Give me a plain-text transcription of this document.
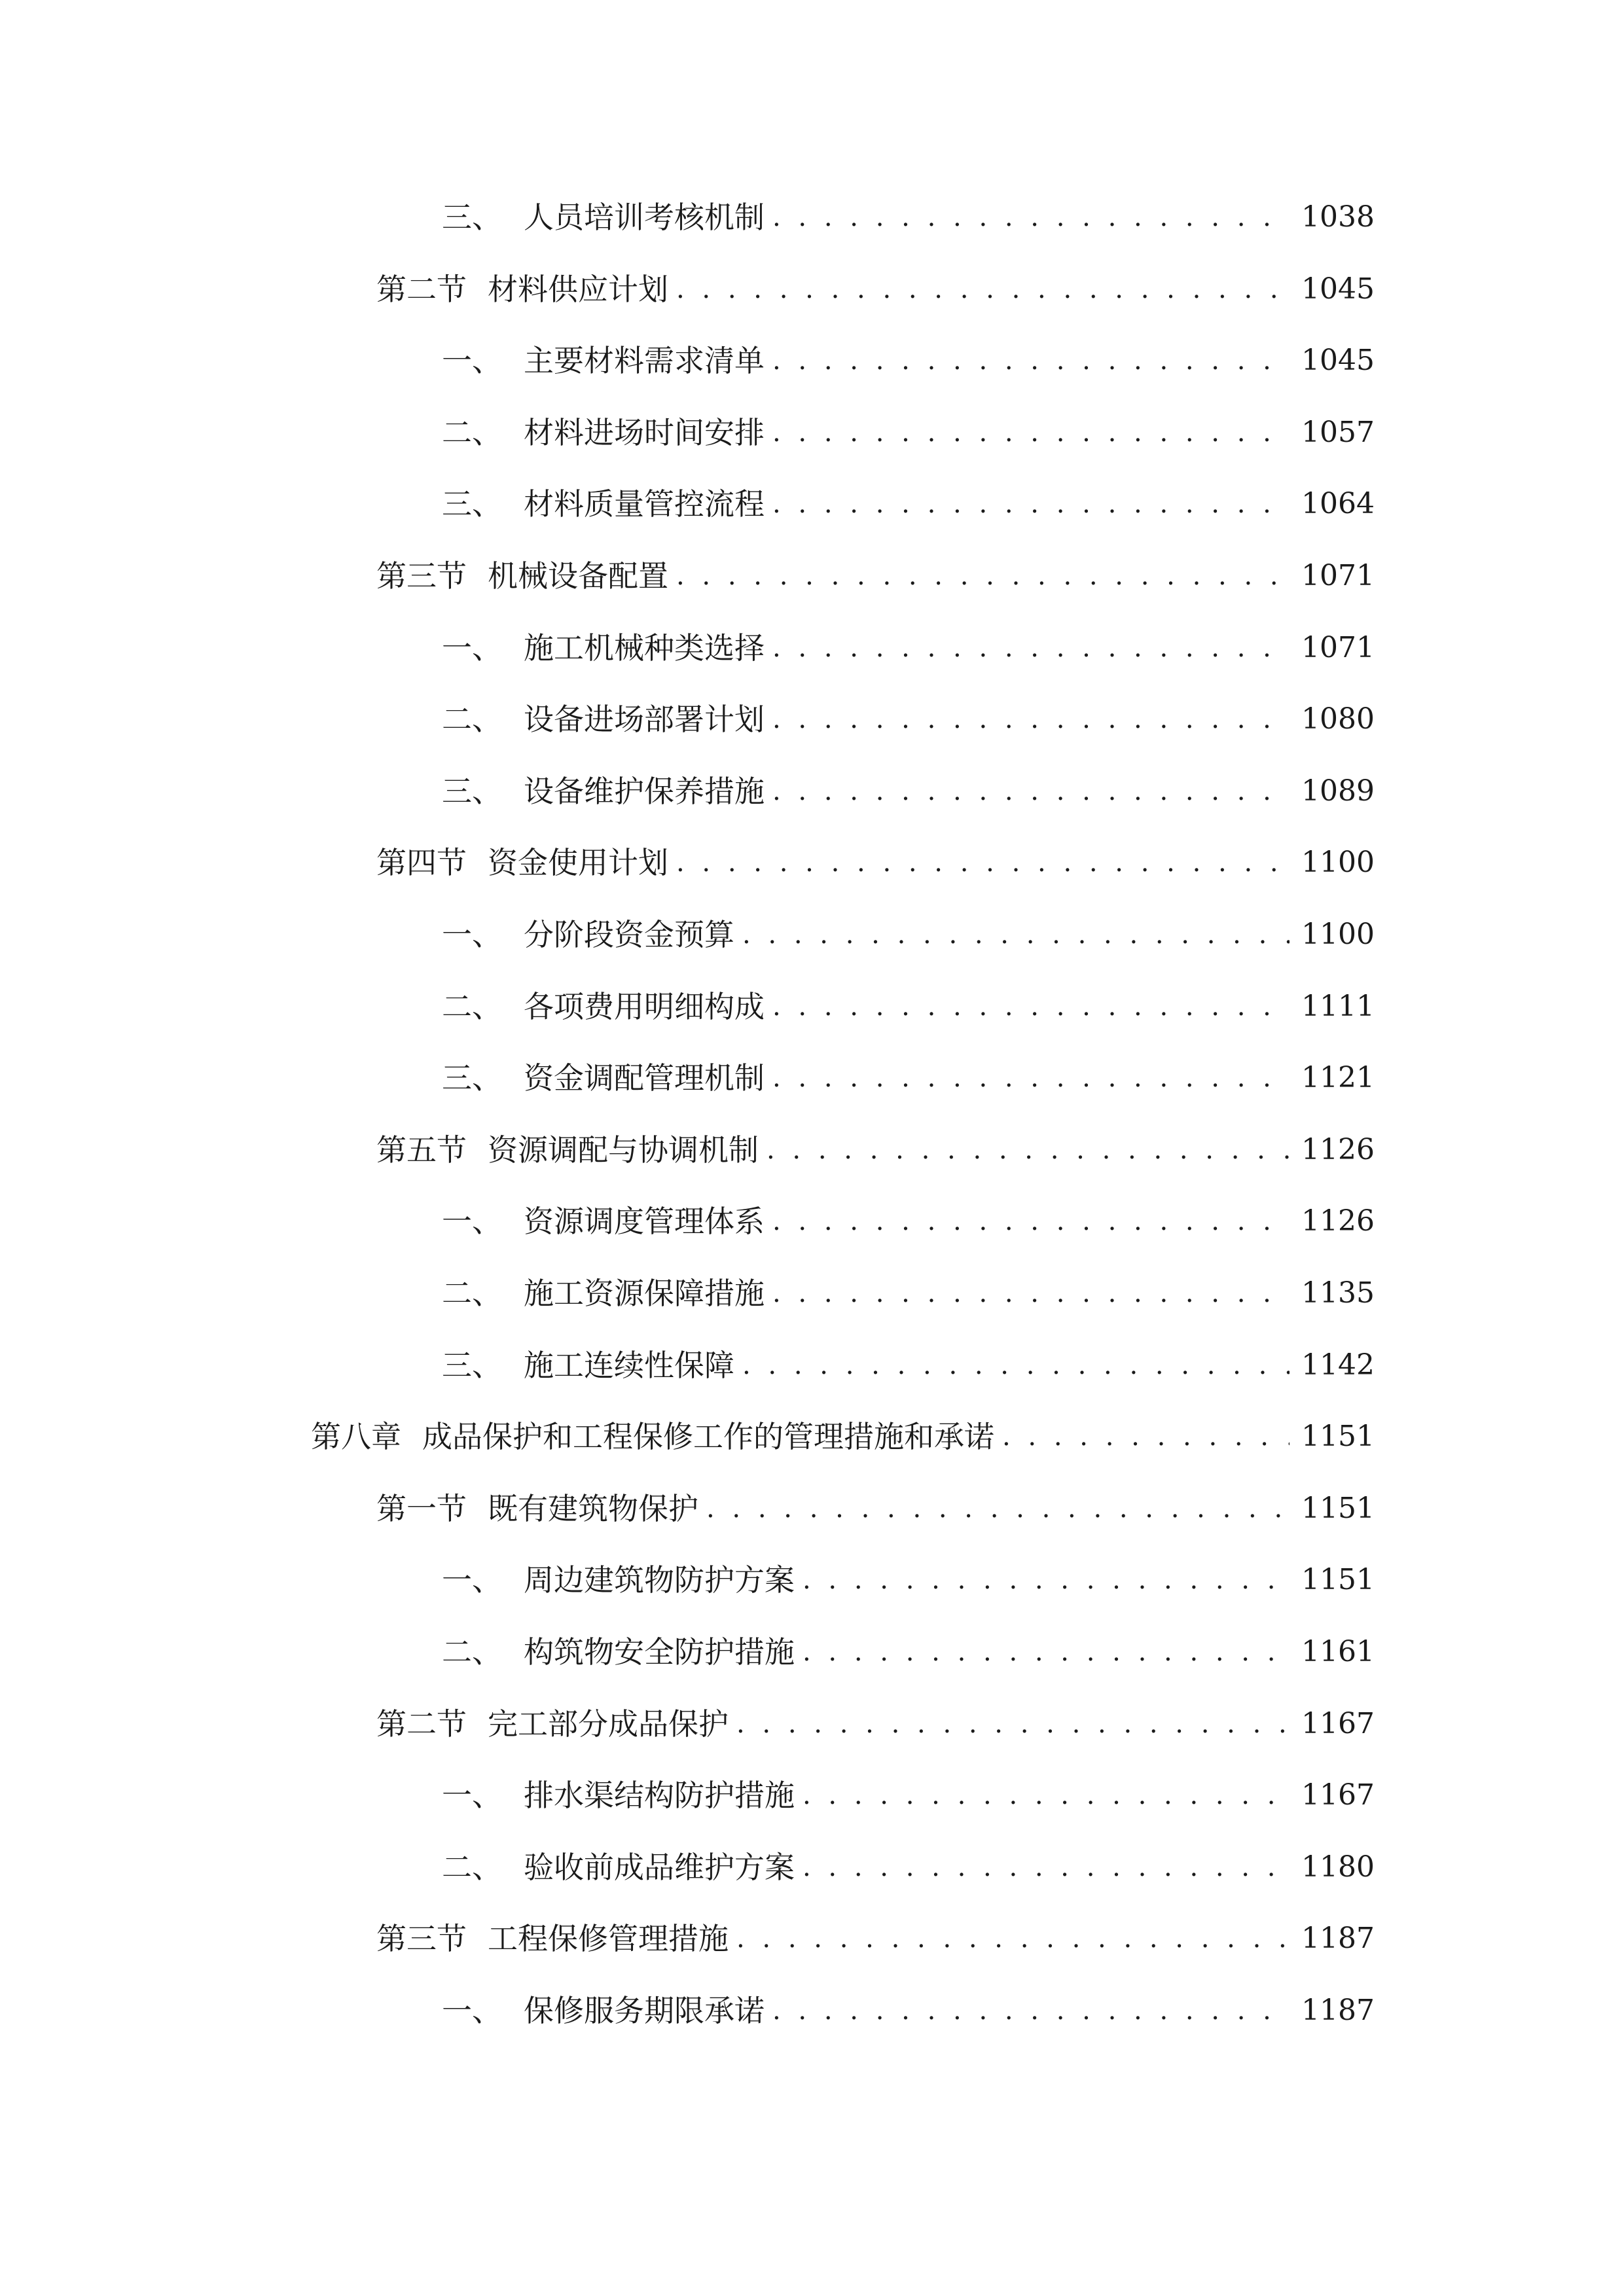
三、 人员培训考核机制 . . .	1038
第二节 材料供应计划 . . .	1045
一、 主要材料需求清单 . . .	1045
二、 材料进场时间安排 . . .	1057
三、 材料质量管控流程 . . .	1064
第三节 机械设备配置 . . .	1071
一、 施工机械种类选择 . . .	1071
二、 设备进场部署计划 . . .	1080
三、 设备维护保养措施 . . .	1089
第四节 资金使用计划 . . .	1100
一、 分阶段资金预算 . . .	1100
二、 各项费用明细构成 . . .	1111
三、 资金调配管理机制 . . .	1121
第五节 资源调配与协调机制 . . .	1126
一、 资源调度管理体系 . . .	1126
二、 施工资源保障措施 . . .	1135
三、 施工连续性保障 . . .	1142
第八章 成品保护和工程保修工作的管理措施和承诺 . . .	1151
第一节 既有建筑物保护 . . .	1151
一、 周边建筑物防护方案 . . .	1151
二、 构筑物安全防护措施 . . .	1161
第二节 完工部分成品保护 . . .	1167
一、 排水渠结构防护措施 . . .	1167
二、 验收前成品维护方案 . . .	1180
第三节 工程保修管理措施 . . .	1187
一、 保修服务期限承诺 . . .	1187
